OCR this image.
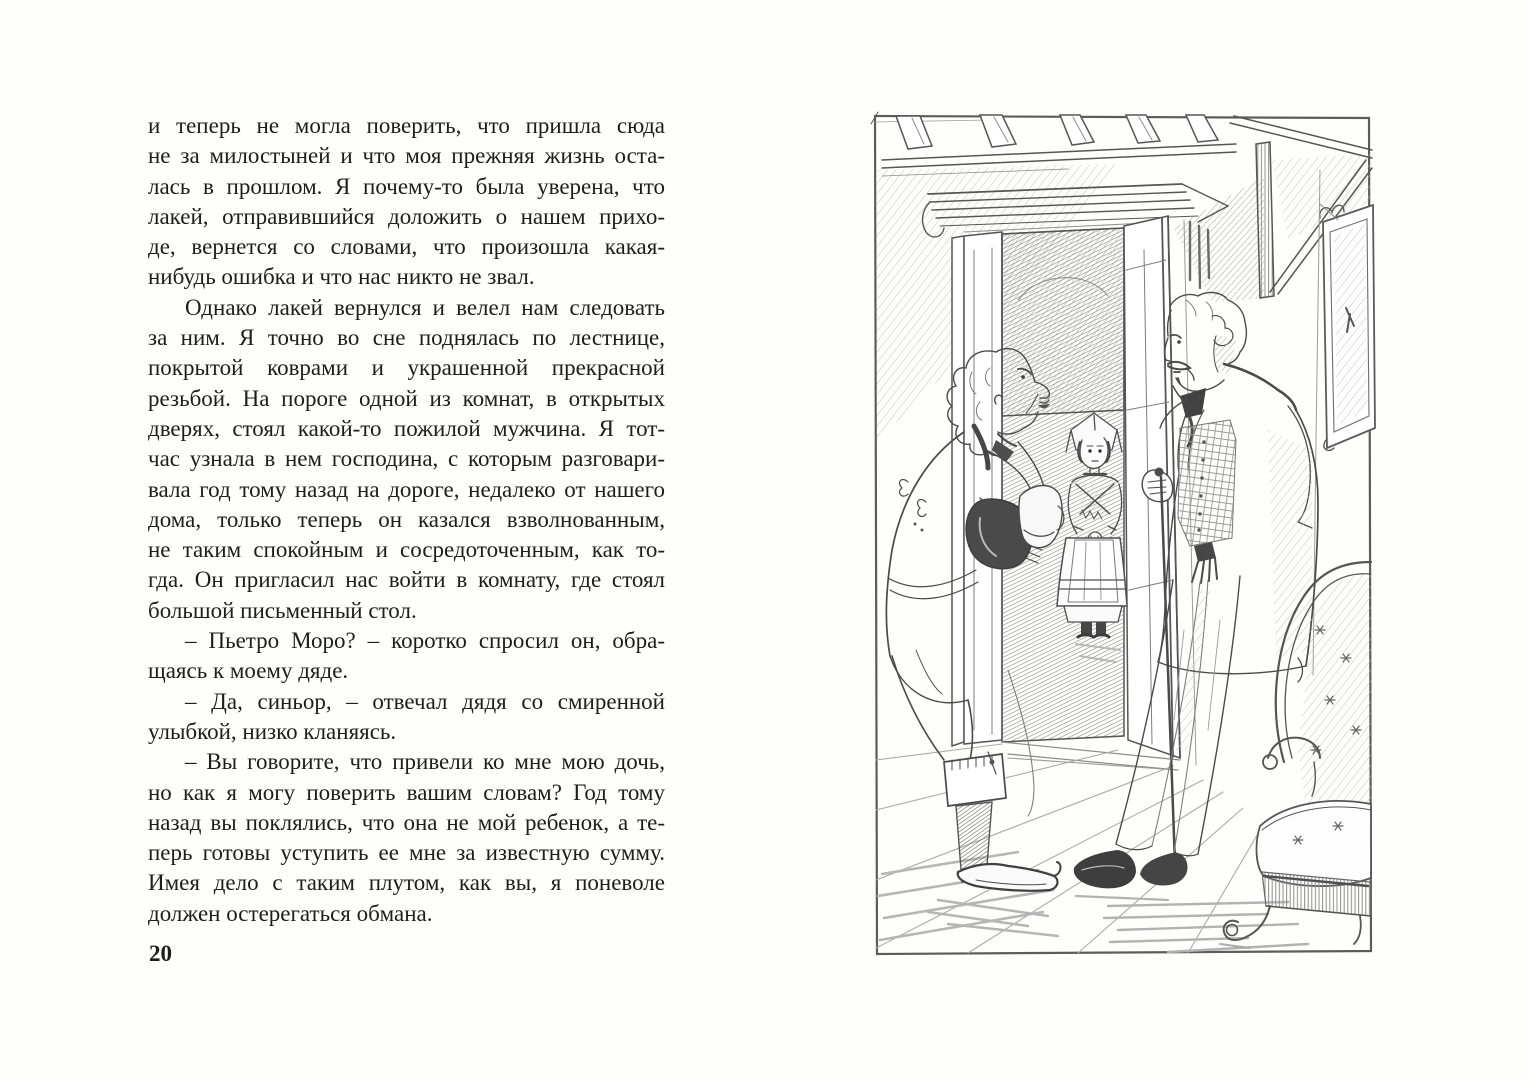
и теперь не могла поверить, что пришла сюда
не за милостыней и что моя прежняя жизнь оста-
лась в прошлом. Я почему-то была уверена, что
лакей, отправившийся доложить о нашем прихо-
де, вернется со словами, что произошла какая-
нибудь ошибка и что нас никто не звал.
Однако лакей вернулся и велел нам следовать
за ним. Я точно во сне поднялась по лестнице,
покрытой коврами и украшенной прекрасной
резьбой. На пороге одной из комнат, в открытых
дверях, стоял какой-то пожилой мужчина. Я тот-
час узнала в нем господина, с которым разговари-
вала год тому назад на дороге, недалеко от нашего
дома, только теперь он казался взволнованным,
не таким спокойным и сосредоточенным, как то-
гда. Он пригласил нас войти в комнату, где стоял
большой письменный стол.
– Пьетро Моро? – коротко спросил он, обра-
щаясь к моему дяде.
– Да, синьор, – отвечал дядя со смиренной
улыбкой, низко кланяясь.
– Вы говорите, что привели ко мне мою дочь,
но как я могу поверить вашим словам? Год тому
назад вы поклялись, что она не мой ребенок, а те-
перь готовы уступить ее мне за известную сумму.
Имея дело с таким плутом, как вы, я поневоле
должен остерегаться обмана.
20
